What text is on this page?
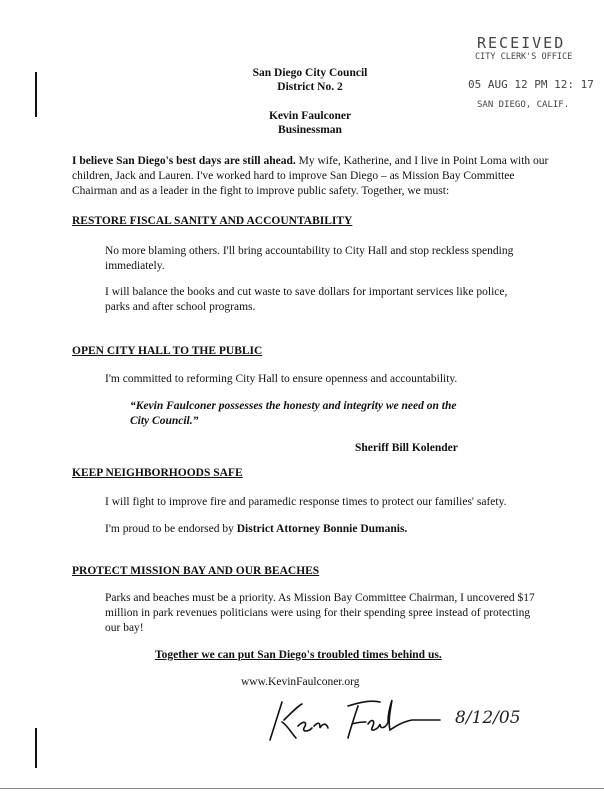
RECEIVED
CITY CLERK'S OFFICE
05 AUG 12 PM 12: 17
SAN DIEGO, CALIF.
San Diego City Council
District No. 2
Kevin Faulconer
Businessman
I believe San Diego's best days are still ahead. My wife, Katherine, and I live in Point Loma with our children, Jack and Lauren. I've worked hard to improve San Diego – as Mission Bay Committee Chairman and as a leader in the fight to improve public safety. Together, we must:
RESTORE FISCAL SANITY AND ACCOUNTABILITY
No more blaming others. I'll bring accountability to City Hall and stop reckless spending immediately.
I will balance the books and cut waste to save dollars for important services like police, parks and after school programs.
OPEN CITY HALL TO THE PUBLIC
I'm committed to reforming City Hall to ensure openness and accountability.
“Kevin Faulconer possesses the honesty and integrity we need on the City Council.”
Sheriff Bill Kolender
KEEP NEIGHBORHOODS SAFE
I will fight to improve fire and paramedic response times to protect our families' safety.
I'm proud to be endorsed by District Attorney Bonnie Dumanis.
PROTECT MISSION BAY AND OUR BEACHES
Parks and beaches must be a priority. As Mission Bay Committee Chairman, I uncovered $17 million in park revenues politicians were using for their spending spree instead of protecting our bay!
Together we can put San Diego's troubled times behind us.
www.KevinFaulconer.org
8/12/05
